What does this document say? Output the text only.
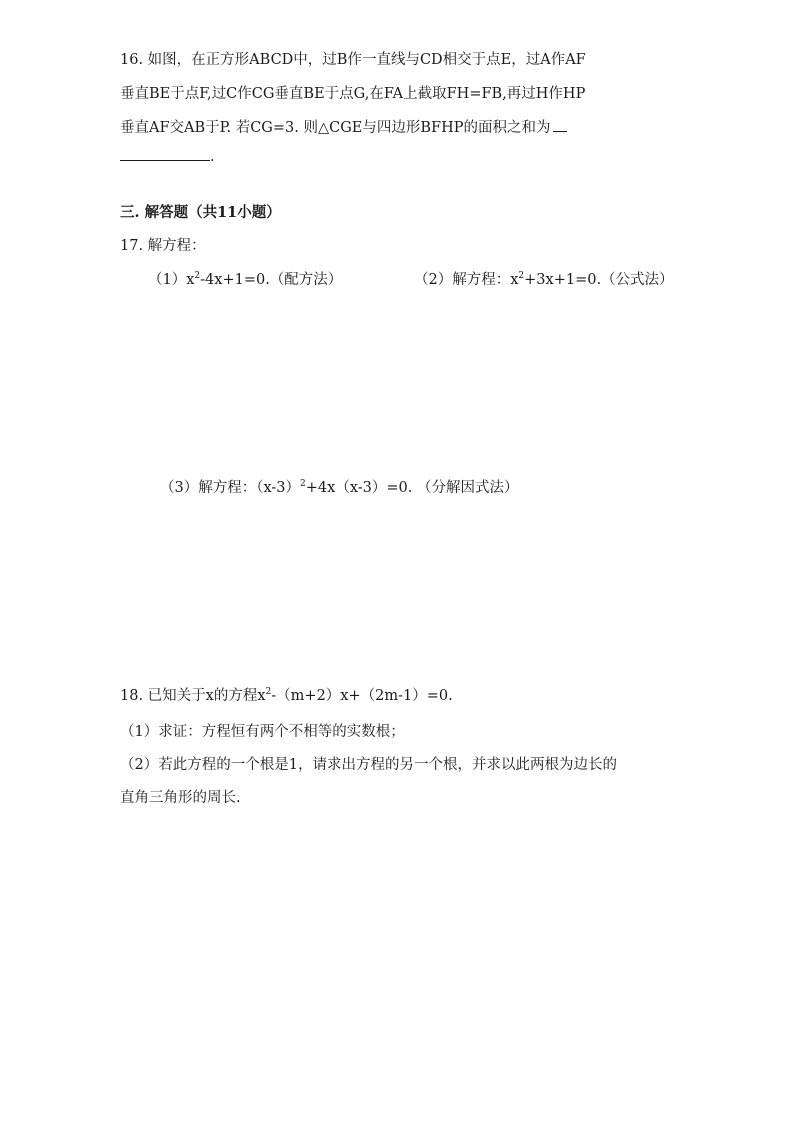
16. 如图，在正方形ABCD中，过B作一直线与CD相交于点E，过A作AF
垂直BE于点F,过C作CG垂直BE于点G,在FA上截取FH=FB,再过H作HP
垂直AF交AB于P. 若CG=3. 则△CGE与四边形BFHP的面积之和为
.
三. 解答题（共11小题）
17. 解方程：
$(1)x^2-4x+1=0$.（配方法）	（2）解方程：$x^2+3x+1=0$.（公式法）
（3）解方程：$(x-3)^2+4x(x-3)=0$. （分解因式法）
18. 已知关于x的方程$x^2-(m+2)x+(2m-1)=0$.
（1）求证：方程恒有两个不相等的实数根；
（2）若此方程的一个根是1，请求出方程的另一个根，并求以此两根为边长的
直角三角形的周长.
